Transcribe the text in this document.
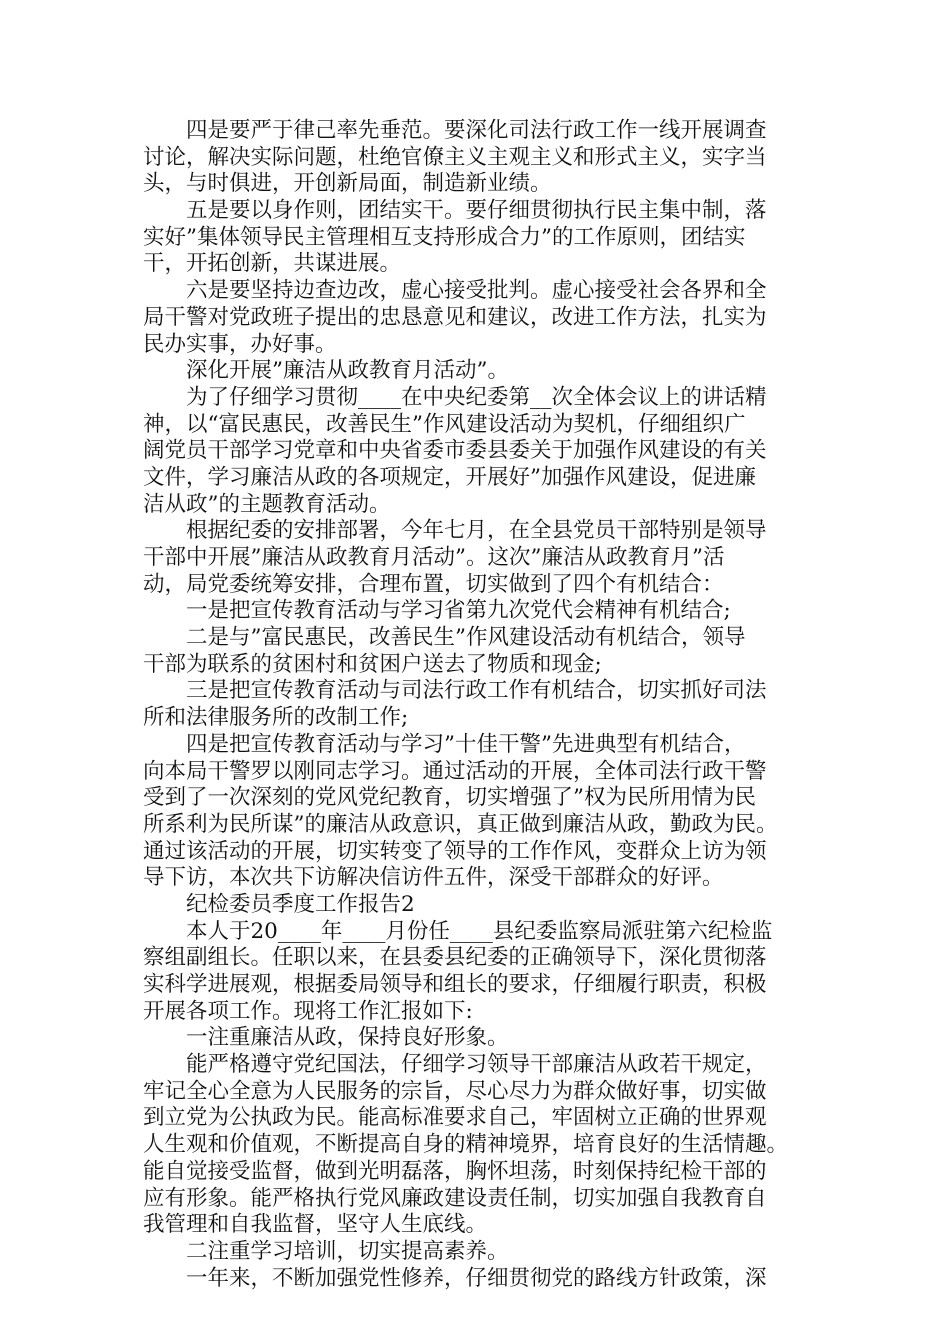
四是要严于律己率先垂范。要深化司法行政工作一线开展调查
讨论，解决实际问题，杜绝官僚主义主观主义和形式主义，实字当
头，与时俱进，开创新局面，制造新业绩。
五是要以身作则，团结实干。要仔细贯彻执行民主集中制，落
实好”集体领导民主管理相互支持形成合力”的工作原则，团结实
干，开拓创新，共谋进展。
六是要坚持边查边改，虚心接受批判。虚心接受社会各界和全
局干警对党政班子提出的忠恳意见和建议，改进工作方法，扎实为
民办实事，办好事。
深化开展”廉洁从政教育月活动”。
为了仔细学习贯彻____在中央纪委第__次全体会议上的讲话精
神，以“富民惠民，改善民生”作风建设活动为契机，仔细组织广
阔党员干部学习党章和中央省委市委县委关于加强作风建设的有关
文件，学习廉洁从政的各项规定，开展好”加强作风建设，促进廉
洁从政”的主题教育活动。
根据纪委的安排部署，今年七月，在全县党员干部特别是领导
干部中开展”廉洁从政教育月活动”。这次”廉洁从政教育月”活
动，局党委统筹安排，合理布置，切实做到了四个有机结合：
一是把宣传教育活动与学习省第九次党代会精神有机结合;
二是与”富民惠民，改善民生”作风建设活动有机结合，领导
干部为联系的贫困村和贫困户送去了物质和现金;
三是把宣传教育活动与司法行政工作有机结合，切实抓好司法
所和法律服务所的改制工作;
四是把宣传教育活动与学习”十佳干警”先进典型有机结合，
向本局干警罗以刚同志学习。通过活动的开展，全体司法行政干警
受到了一次深刻的党风党纪教育，切实增强了”权为民所用情为民
所系利为民所谋”的廉洁从政意识，真正做到廉洁从政，勤政为民。
通过该活动的开展，切实转变了领导的工作作风，变群众上访为领
导下访，本次共下访解决信访件五件，深受干部群众的好评。
纪检委员季度工作报告2
本人于20____年____月份任____县纪委监察局派驻第六纪检监
察组副组长。任职以来，在县委县纪委的正确领导下，深化贯彻落
实科学进展观，根据委局领导和组长的要求，仔细履行职责，积极
开展各项工作。现将工作汇报如下:
一注重廉洁从政，保持良好形象。
能严格遵守党纪国法，仔细学习领导干部廉洁从政若干规定，
牢记全心全意为人民服务的宗旨，尽心尽力为群众做好事，切实做
到立党为公执政为民。能高标准要求自己，牢固树立正确的世界观
人生观和价值观，不断提高自身的精神境界，培育良好的生活情趣。
能自觉接受监督，做到光明磊落，胸怀坦荡，时刻保持纪检干部的
应有形象。能严格执行党风廉政建设责任制，切实加强自我教育自
我管理和自我监督，坚守人生底线。
二注重学习培训，切实提高素养。
一年来，不断加强党性修养，仔细贯彻党的路线方针政策，深
